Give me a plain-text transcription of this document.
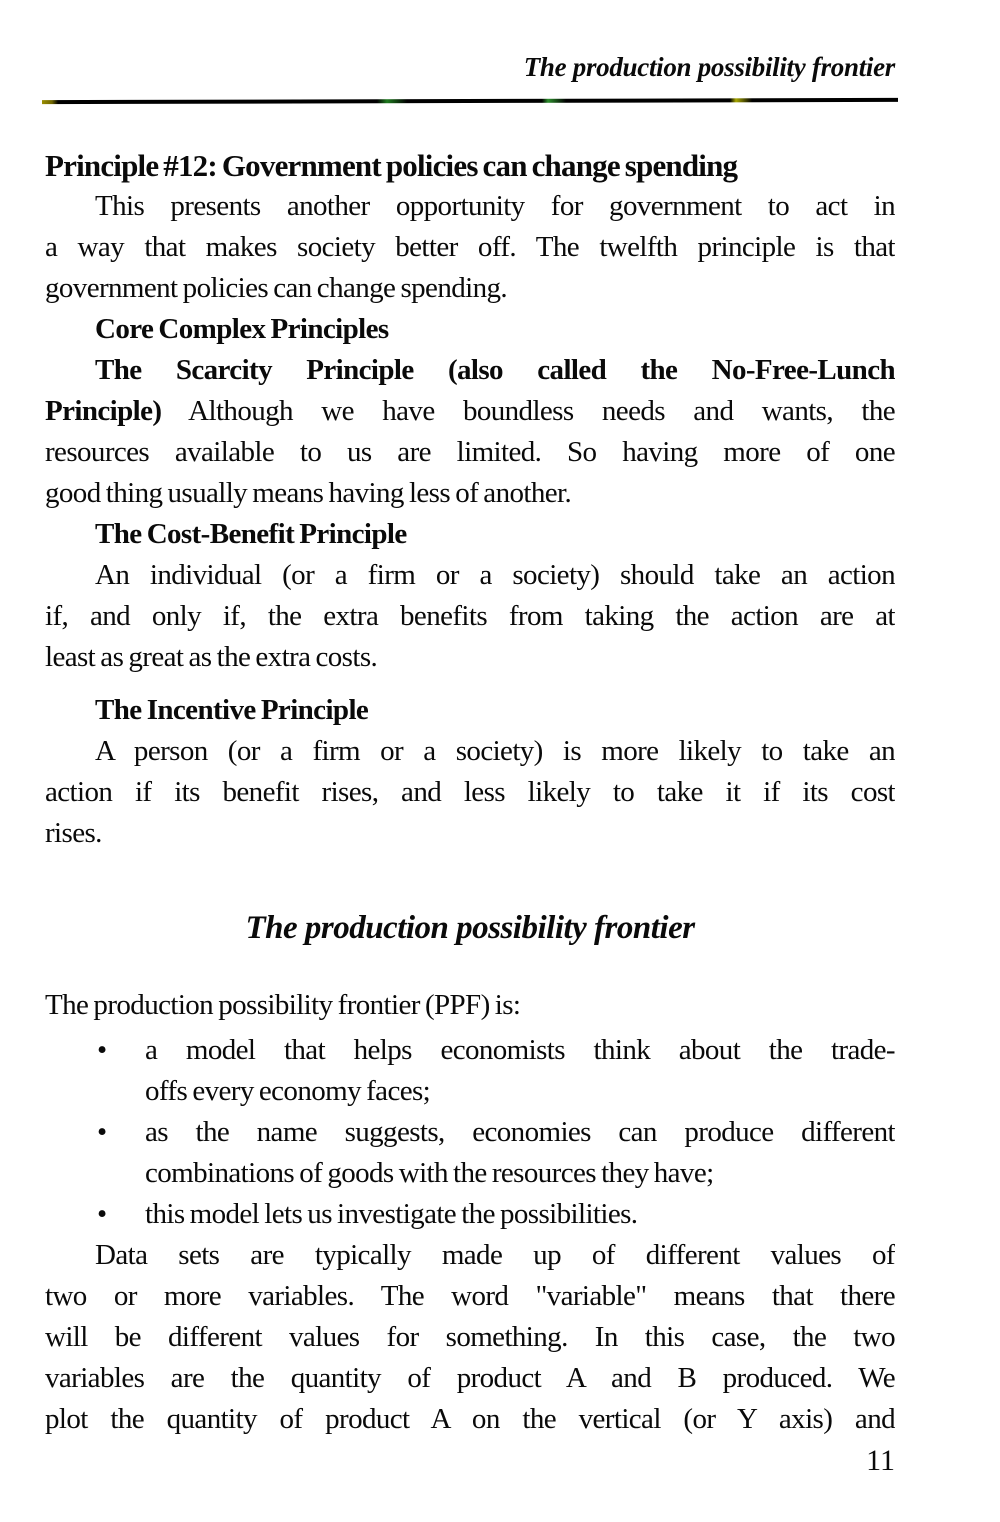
The production possibility frontier
Principle #12: Government policies can change spending
This presents another opportunity for government to act in
a way that makes society better off. The twelfth principle is that
government policies can change spending.
Core Complex Principles
The Scarcity Principle (also called the No-Free-Lunch
Principle) Although we have boundless needs and wants, the
resources available to us are limited. So having more of one
good thing usually means having less of another.
The Cost-Benefit Principle
An individual (or a firm or a society) should take an action
if, and only if, the extra benefits from taking the action are at
least as great as the extra costs.
The Incentive Principle
A person (or a firm or a society) is more likely to take an
action if its benefit rises, and less likely to take it if its cost
rises.
The production possibility frontier
The production possibility frontier (PPF) is:
• a model that helps economists think about the trade-
offs every economy faces;
• as the name suggests, economies can produce different
combinations of goods with the resources they have;
• this model lets us investigate the possibilities.
Data sets are typically made up of different values of
two or more variables. The word "variable" means that there
will be different values for something. In this case, the two
variables are the quantity of product A and B produced. We
plot the quantity of product A on the vertical (or Y axis) and
11
